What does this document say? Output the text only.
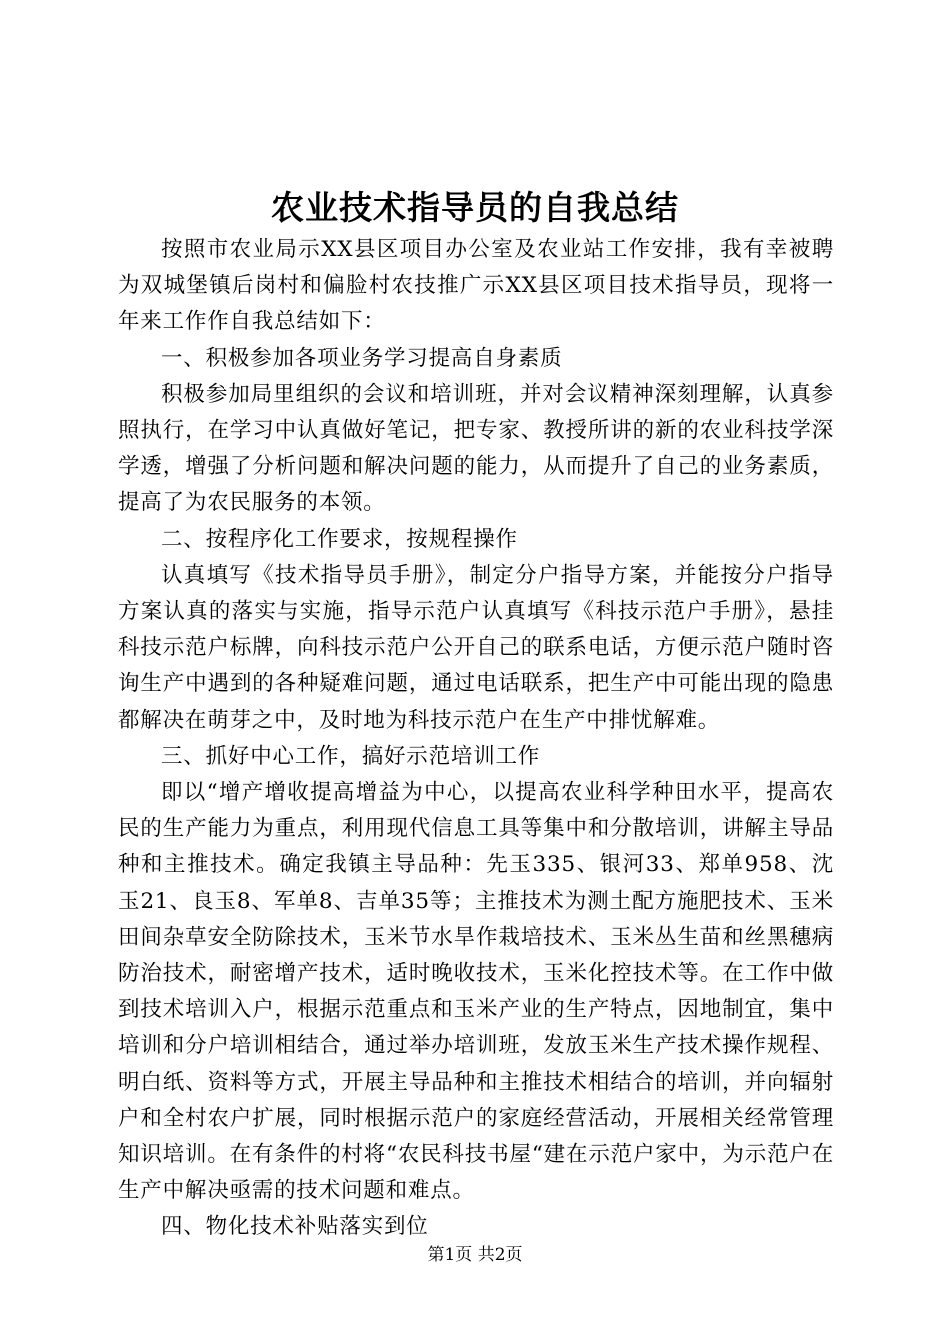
农业技术指导员的自我总结

按照市农业局示XX县区项目办公室及农业站工作安排，我有幸被聘为双城堡镇后岗村和偏脸村农技推广示XX县区项目技术指导员，现将一年来工作作自我总结如下：

一、积极参加各项业务学习提高自身素质

积极参加局里组织的会议和培训班，并对会议精神深刻理解，认真参照执行，在学习中认真做好笔记，把专家、教授所讲的新的农业科技学深学透，增强了分析问题和解决问题的能力，从而提升了自己的业务素质，提高了为农民服务的本领。

二、按程序化工作要求，按规程操作

认真填写《技术指导员手册》，制定分户指导方案，并能按分户指导方案认真的落实与实施，指导示范户认真填写《科技示范户手册》，悬挂科技示范户标牌，向科技示范户公开自己的联系电话，方便示范户随时咨询生产中遇到的各种疑难问题，通过电话联系，把生产中可能出现的隐患都解决在萌芽之中，及时地为科技示范户在生产中排忧解难。

三、抓好中心工作，搞好示范培训工作

即以“增产增收提高增益为中心，以提高农业科学种田水平，提高农民的生产能力为重点，利用现代信息工具等集中和分散培训，讲解主导品种和主推技术。确定我镇主导品种：先玉335、银河33、郑单958、沈玉21、良玉8、军单8、吉单35等；主推技术为测土配方施肥技术、玉米田间杂草安全防除技术，玉米节水旱作栽培技术、玉米丛生苗和丝黑穗病防治技术，耐密增产技术，适时晚收技术，玉米化控技术等。在工作中做到技术培训入户，根据示范重点和玉米产业的生产特点，因地制宜，集中培训和分户培训相结合，通过举办培训班，发放玉米生产技术操作规程、明白纸、资料等方式，开展主导品种和主推技术相结合的培训，并向辐射户和全村农户扩展，同时根据示范户的家庭经营活动，开展相关经常管理知识培训。在有条件的村将“农民科技书屋“建在示范户家中，为示范户在生产中解决亟需的技术问题和难点。

四、物化技术补贴落实到位

第1页 共2页
